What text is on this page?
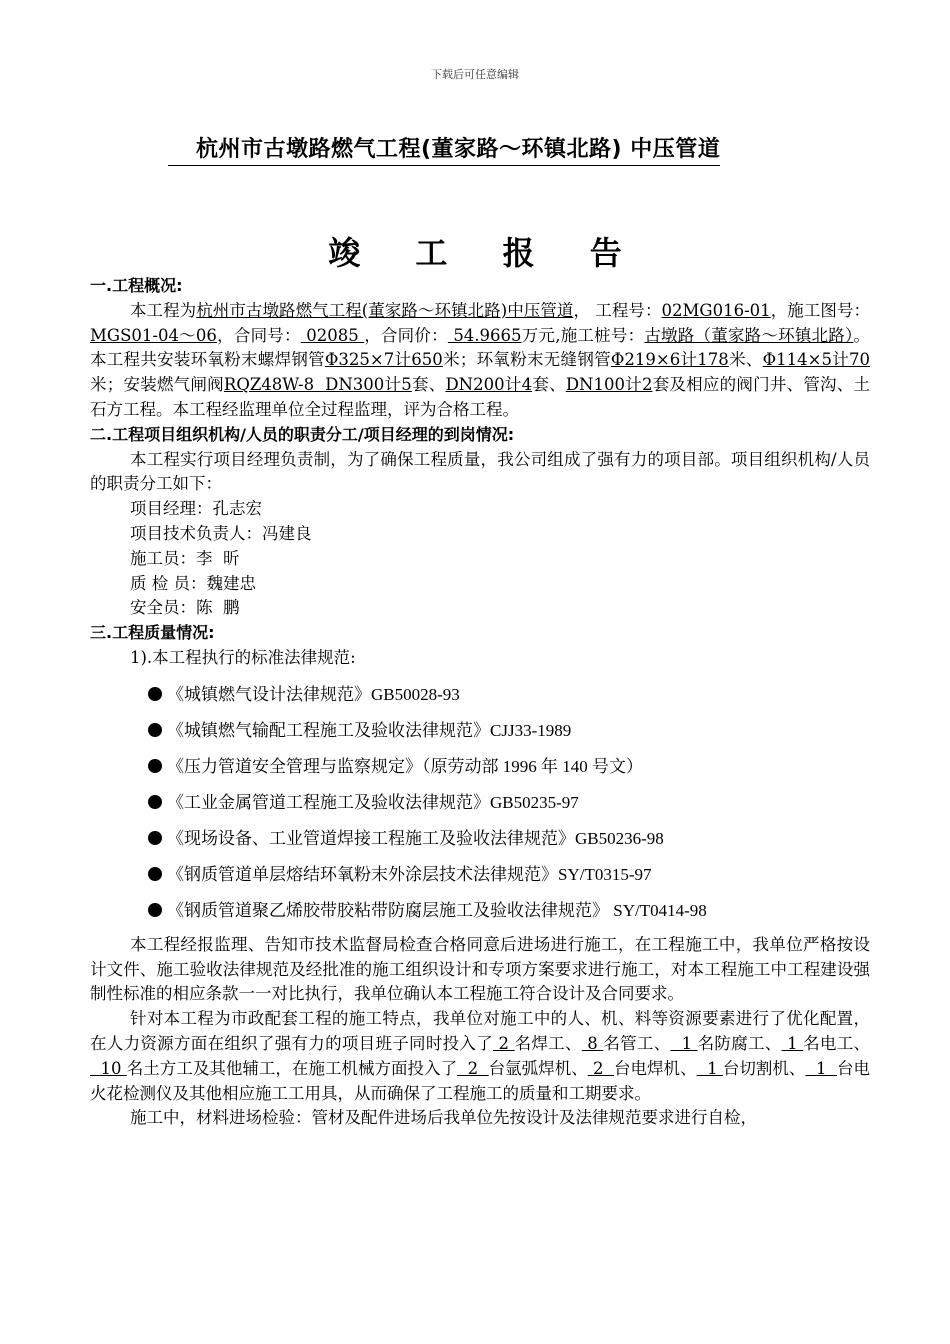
下载后可任意编辑
杭州市古墩路燃气工程(董家路～环镇北路) 中压管道
竣 工 报 告
一.工程概况:

本工程为杭州市古墩路燃气工程(董家路～环镇北路)中压管道， 工程号：02MG016-01，施工图号： MGS01-04～06，合同号： 02085 ，合同价： 54.9665万元,施工桩号：古墩路（董家路～环镇北路）。本工程共安装环氧粉末螺焊钢管Φ325×7计650米；环氧粉末无缝钢管Φ219×6计178米、Φ114×5计70米；安装燃气闸阀RQZ48W-8  DN300计5套、DN200计4套、DN100计2套及相应的阀门井、管沟、土石方工程。本工程经监理单位全过程监理，评为合格工程。

二.工程项目组织机构/人员的职责分工/项目经理的到岗情况:

本工程实行项目经理负责制，为了确保工程质量，我公司组成了强有力的项目部。项目组织机构/人员的职责分工如下：

项目经理：孔志宏

项目技术负责人：冯建良

施工员：李  昕

质 检 员：魏建忠

安全员：陈  鹏

三.工程质量情况:

1).本工程执行的标准法律规范:

《城镇燃气设计法律规范》GB50028-93
《城镇燃气输配工程施工及验收法律规范》CJJ33-1989
《压力管道安全管理与监察规定》（原劳动部 1996 年 140 号文）
《工业金属管道工程施工及验收法律规范》GB50235-97
《现场设备、工业管道焊接工程施工及验收法律规范》GB50236-98
《钢质管道单层熔结环氧粉末外涂层技术法律规范》SY/T0315-97
《钢质管道聚乙烯胶带胶粘带防腐层施工及验收法律规范》 SY/T0414-98

本工程经报监理、告知市技术监督局检查合格同意后进场进行施工，在工程施工中，我单位严格按设计文件、施工验收法律规范及经批准的施工组织设计和专项方案要求进行施工，对本工程施工中工程建设强制性标准的相应条款一一对比执行，我单位确认本工程施工符合设计及合同要求。

针对本工程为市政配套工程的施工特点，我单位对施工中的人、机、料等资源要素进行了优化配置，在人力资源方面在组织了强有力的项目班子同时投入了 2 名焊工、 8 名管工、  1 名防腐工、 1 名电工、  10 名土方工及其他辅工，在施工机械方面投入了  2  台氩弧焊机、 2  台电焊机、  1 台切割机、  1  台电火花检测仪及其他相应施工工用具，从而确保了工程施工的质量和工期要求。

施工中，材料进场检验：管材及配件进场后我单位先按设计及法律规范要求进行自检，
